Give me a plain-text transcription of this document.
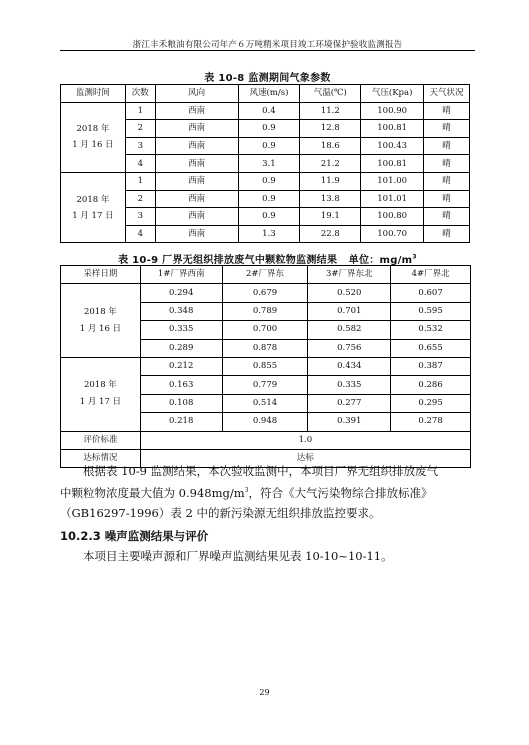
浙江丰禾粮油有限公司年产６万吨精米项目竣工环境保护验收监测报告
表 10-8 监测期间气象参数
监测时间	次数	风向	风速(m/s)	气温(℃)	气压(Kpa)	天气状况

2018 年
1 月 16 日	1	西南	0.4	11.2	100.90	晴
	2	西南	0.9	12.8	100.81	晴
	3	西南	0.9	18.6	100.43	晴
	4	西南	3.1	21.2	100.81	晴

2018 年
1 月 17 日	1	西南	0.9	11.9	101.00	晴
	2	西南	0.9	13.8	101.01	晴
	3	西南	0.9	19.1	100.80	晴
	4	西南	1.3	22.8	100.70	晴
表 10-9 厂界无组织排放废气中颗粒物监测结果 单位：$mg/m^3$
采样日期	1#厂界西南	2#厂界东	3#厂界东北	4#厂界北

2018 年
1 月 16 日	0.294	0.679	0.520	0.607
	0.348	0.789	0.701	0.595
	0.335	0.700	0.582	0.532
	0.289	0.878	0.756	0.655

2018 年
1 月 17 日	0.212	0.855	0.434	0.387
	0.163	0.779	0.335	0.286
	0.108	0.514	0.277	0.295
	0.218	0.948	0.391	0.278
评价标准	1.0			
达标情况	达标			
根据表 10-9 监测结果，本次验收监测中，本项目厂界无组织排放废气
中颗粒物浓度最大值为 $0.948mg/m^3$，符合《大气污染物综合排放标准》
（GB16297-1996）表 2 中的新污染源无组织排放监控要求。
10.2.3 噪声监测结果与评价
本项目主要噪声源和厂界噪声监测结果见表 10-10~10-11。
29
